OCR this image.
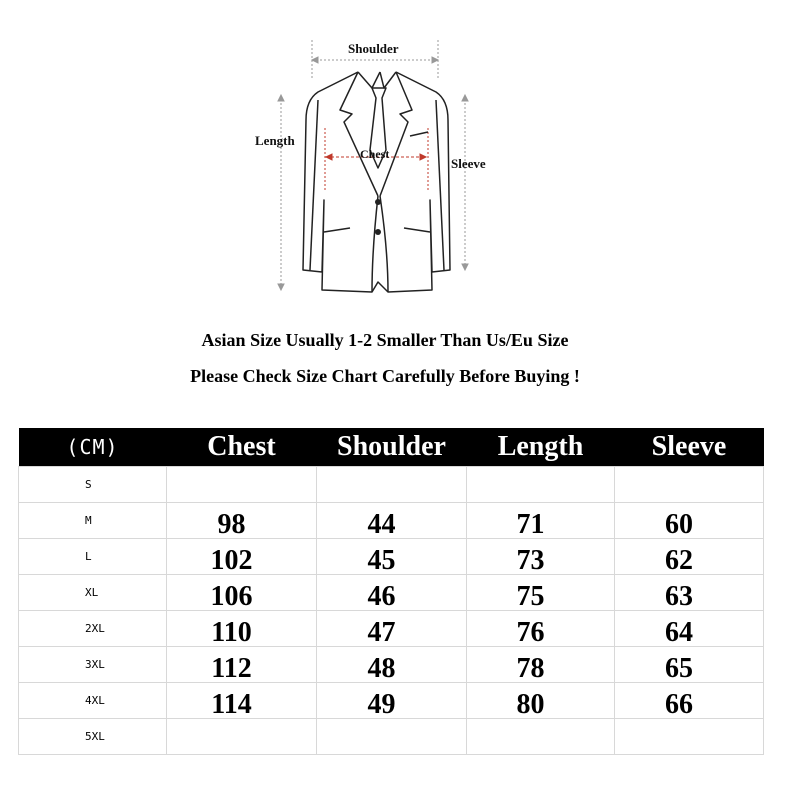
Shoulder
Length
Chest
Sleeve
Asian Size Usually 1-2 Smaller Than Us/Eu Size
Please Check Size Chart Carefully Before Buying !
(CM)	Chest	Shoulder	Length	Sleeve
S				
M	98	44	71	60
L	102	45	73	62
XL	106	46	75	63
2XL	110	47	76	64
3XL	112	48	78	65
4XL	114	49	80	66
5XL				
